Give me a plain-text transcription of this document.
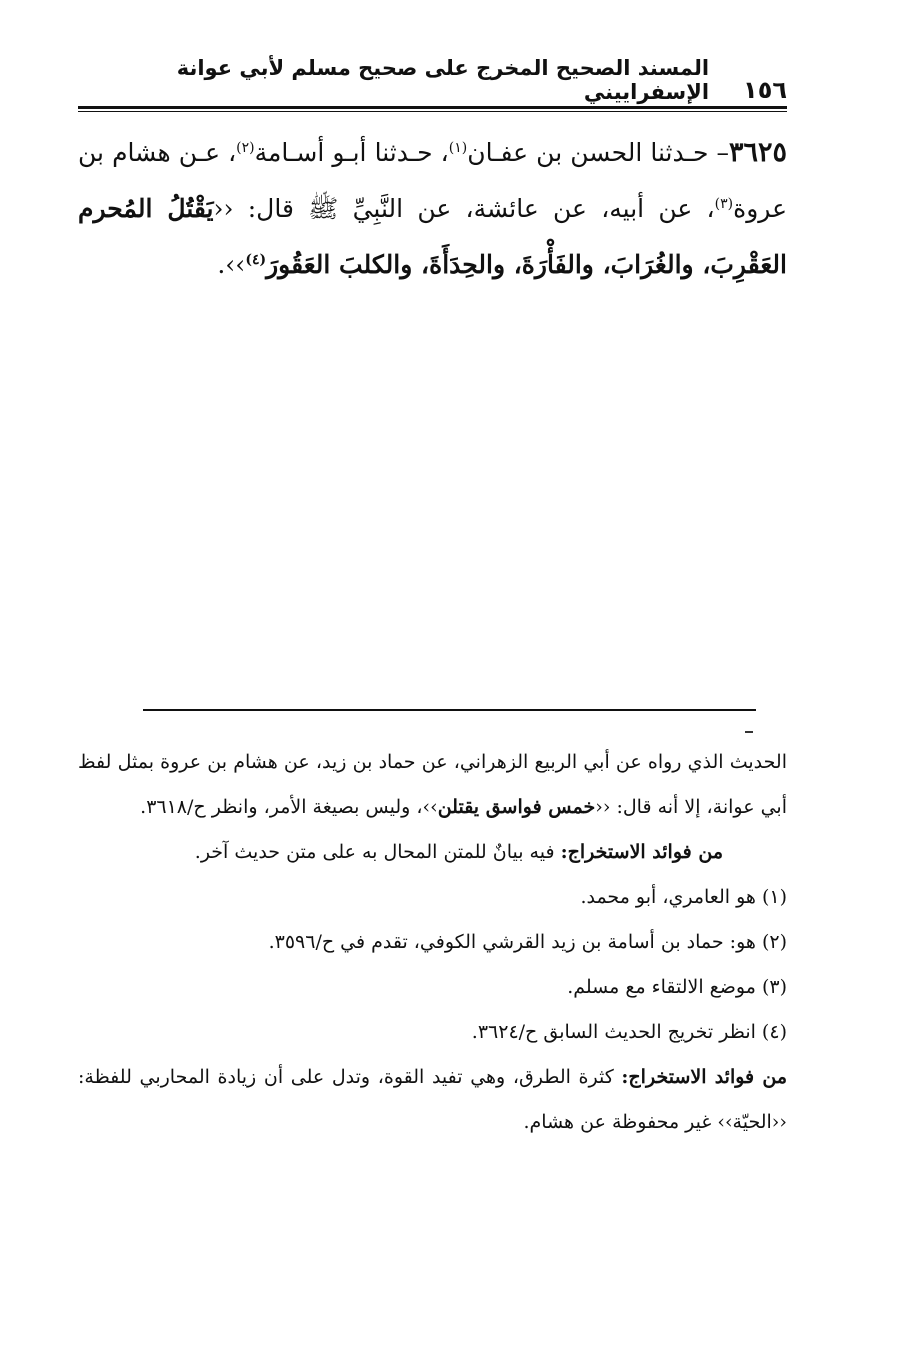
١٥٦
المسند الصحيح المخرج على صحيح مسلم لأبي عوانة الإسفراييني

٣٦٢٥– حـدثنا الحسن بن عفـان$^{(١)}$، حـدثنا أبـو أسـامة$^{(٢)}$، عـن هشام بن عروة$^{(٣)}$، عن أبيه، عن عائشة، عن النَّبِيِّ ﷺ قال: ‹‹يَقْتُلُ المُحرم العَقْرِبَ، والغُرَابَ، والفَأْرَةَ، والحِدَأَةَ، والكلبَ العَقُورَ$^{(٤)}$››.

الحديث الذي رواه عن أبي الربيع الزهراني، عن حماد بن زيد، عن هشام بن عروة بمثل لفظ أبي عوانة، إلا أنه قال: ‹‹خمس فواسق يقتلن››، وليس بصيغة الأمر، وانظر ح/٣٦١٨.

من فوائد الاستخراج: فيه بيانٌ للمتن المحال به على متن حديث آخر.

(١) هو العامري، أبو محمد.

(٢) هو: حماد بن أسامة بن زيد القرشي الكوفي، تقدم في ح/٣٥٩٦.

(٣) موضع الالتقاء مع مسلم.

(٤) انظر تخريج الحديث السابق ح/٣٦٢٤.

من فوائد الاستخراج: كثرة الطرق، وهي تفيد القوة، وتدل على أن زيادة المحاربي للفظة: ‹‹الحيّة›› غير محفوظة عن هشام.
